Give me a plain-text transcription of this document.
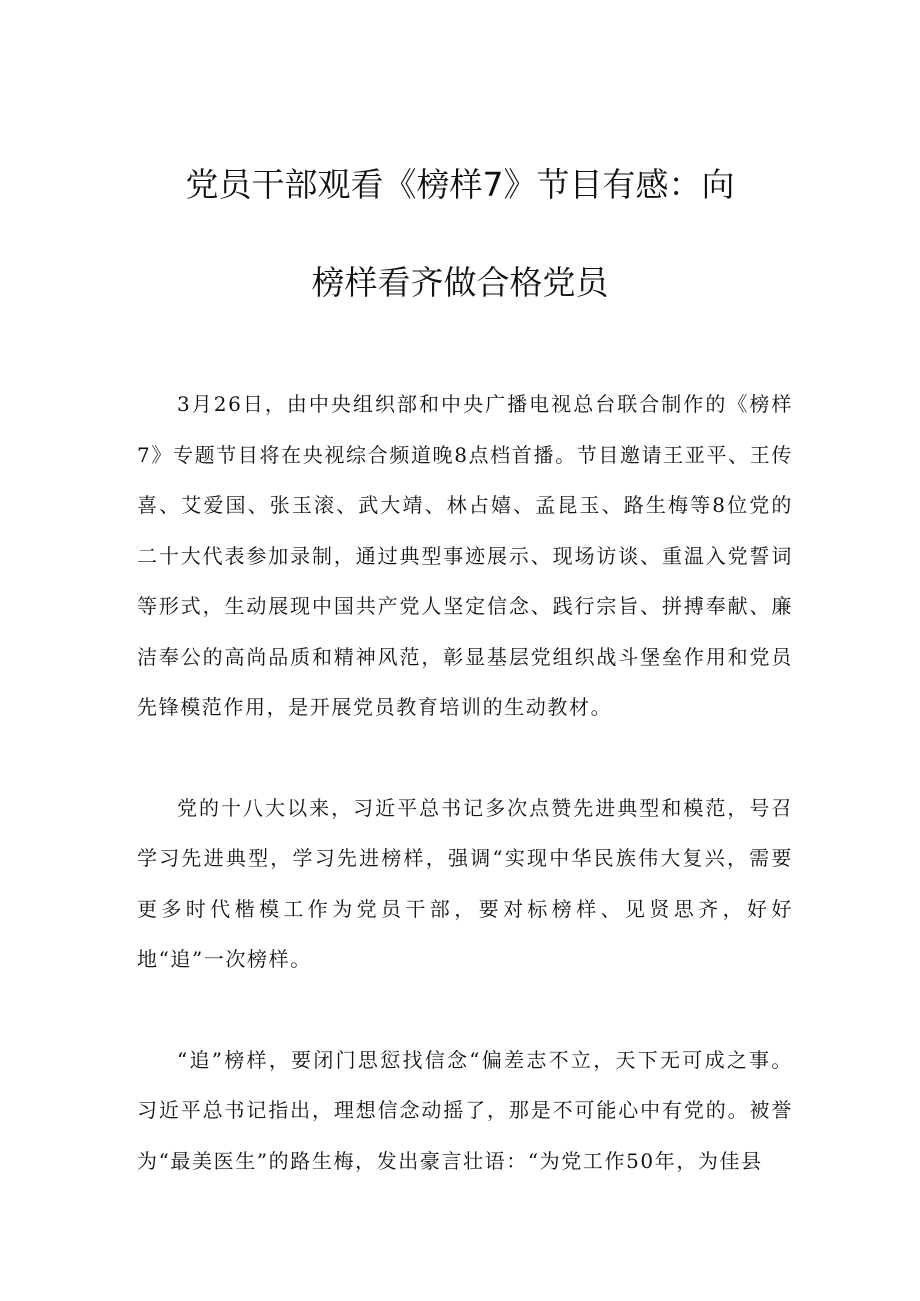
党员干部观看《榜样7》节目有感：向
榜样看齐做合格党员

3月26日，由中央组织部和中央广播电视总台联合制作的《榜样7》专题节目将在央视综合频道晚8点档首播。节目邀请王亚平、王传喜、艾爱国、张玉滚、武大靖、林占嬉、孟昆玉、路生梅等8位党的二十大代表参加录制，通过典型事迹展示、现场访谈、重温入党誓词等形式，生动展现中国共产党人坚定信念、践行宗旨、拼搏奉献、廉洁奉公的高尚品质和精神风范，彰显基层党组织战斗堡垒作用和党员先锋模范作用，是开展党员教育培训的生动教材。

党的十八大以来，习近平总书记多次点赞先进典型和模范，号召学习先进典型，学习先进榜样，强调“实现中华民族伟大复兴，需要更多时代楷模工作为党员干部，要对标榜样、见贤思齐，好好地“追”一次榜样。

“追”榜样，要闭门思愆找信念“偏差志不立，天下无可成之事。习近平总书记指出，理想信念动摇了，那是不可能心中有党的。被誉为“最美医生”的路生梅，发出豪言壮语：“为党工作50年，为佳县
